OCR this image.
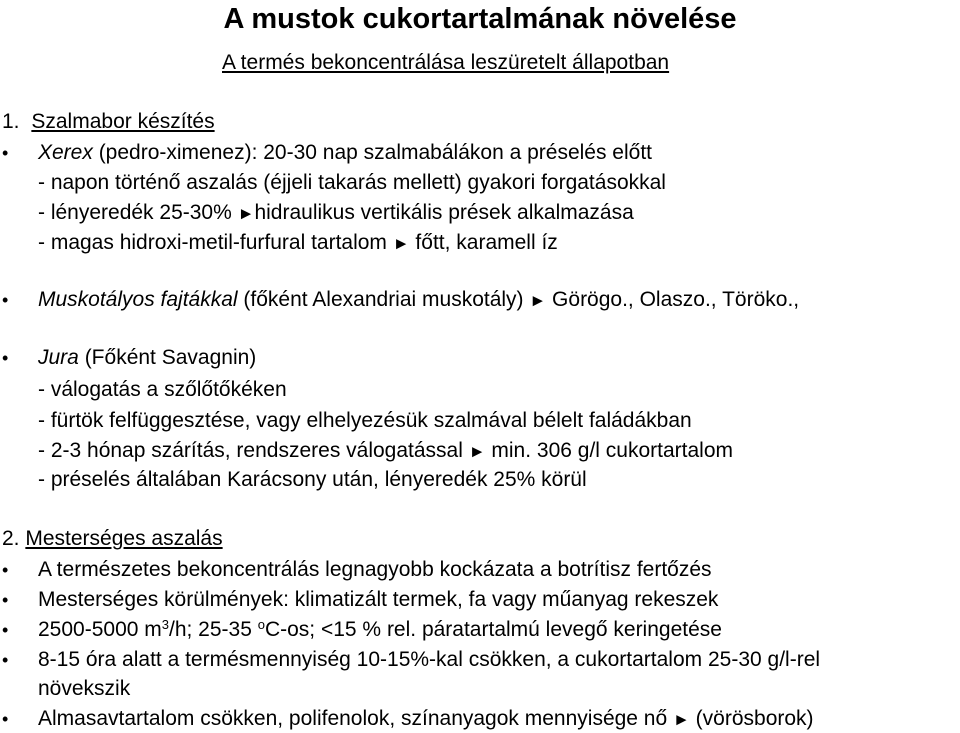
A mustok cukortartalmának növelése
A termés bekoncentrálása leszüretelt állapotban
1. Szalmabor készítés
• Xerex (pedro-ximenez): 20-30 nap szalmabálákon a préselés előtt
- napon történő aszalás (éjjeli takarás mellett) gyakori forgatásokkal
- lényeredék 25-30% ►hidraulikus vertikális prések alkalmazása
- magas hidroxi-metil-furfural tartalom ► főtt, karamell íz
• Muskotályos fajtákkal (főként Alexandriai muskotály) ► Görögo., Olaszo., Töröko.,
• Jura (Főként Savagnin)
- válogatás a szőlőtőkéken
- fürtök felfüggesztése, vagy elhelyezésük szalmával bélelt faládákban
- 2-3 hónap szárítás, rendszeres válogatással ► min. 306 g/l cukortartalom
- préselés általában Karácsony után, lényeredék 25% körül
2. Mesterséges aszalás
• A természetes bekoncentrálás legnagyobb kockázata a botrítisz fertőzés
• Mesterséges körülmények: klimatizált termek, fa vagy műanyag rekeszek
• 2500-5000 $m^3/h$; 25-35 $^o$C-os; <15 % rel. páratartalmú levegő keringetése
• 8-15 óra alatt a termésmennyiség 10-15%-kal csökken, a cukortartalom 25-30 g/l-rel
növekszik
• Almasavtartalom csökken, polifenolok, színanyagok mennyisége nő ► (vörösborok)
